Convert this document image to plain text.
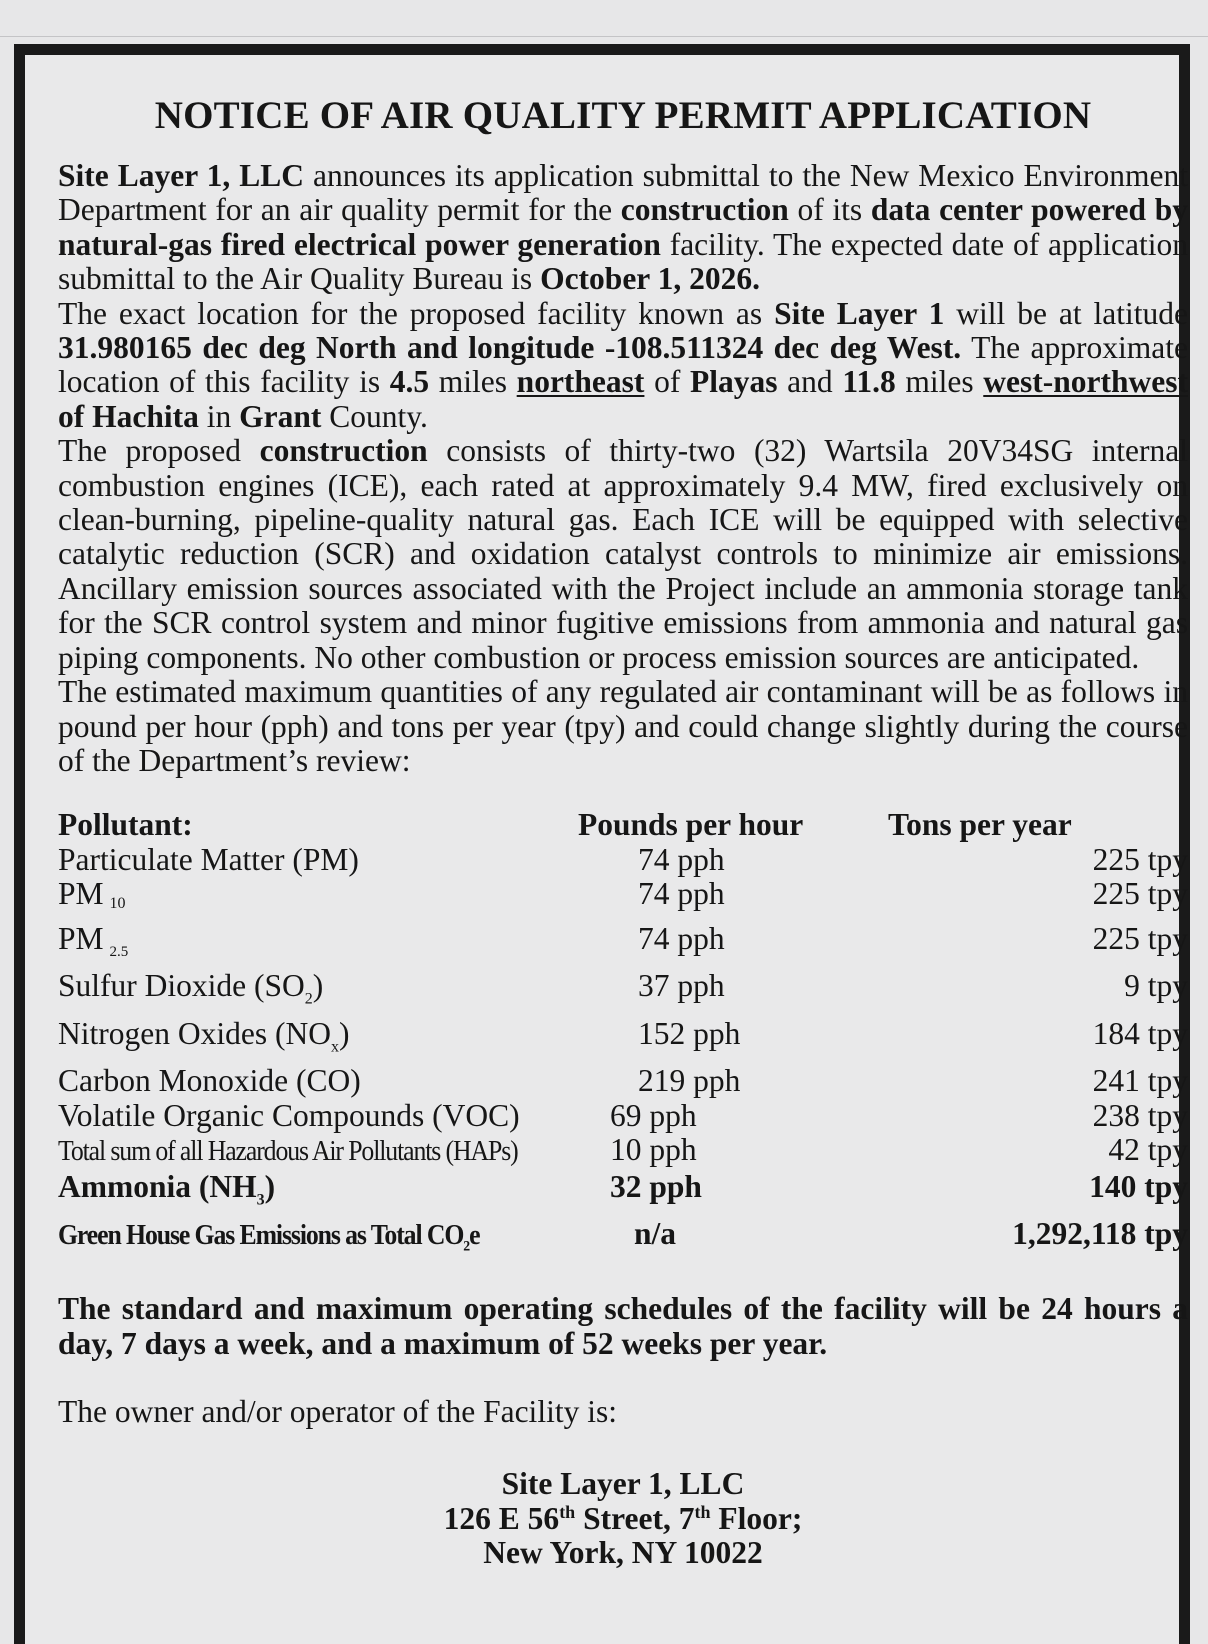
NOTICE OF AIR QUALITY PERMIT APPLICATION

Site Layer 1, LLC announces its application submittal to the New Mexico Environment Department for an air quality permit for the construction of its data center powered by natural-gas fired electrical power generation facility. The expected date of application submittal to the Air Quality Bureau is October 1, 2026.

The exact location for the proposed facility known as Site Layer 1 will be at latitude 31.980165 dec deg North and longitude -108.511324 dec deg West. The approximate location of this facility is 4.5 miles northeast of Playas and 11.8 miles west-northwest of Hachita in Grant County.

The proposed construction consists of thirty-two (32) Wartsila 20V34SG internal combustion engines (ICE), each rated at approximately 9.4 MW, fired exclusively on clean-burning, pipeline-quality natural gas. Each ICE will be equipped with selective catalytic reduction (SCR) and oxidation catalyst controls to minimize air emissions. Ancillary emission sources associated with the Project include an ammonia storage tank for the SCR control system and minor fugitive emissions from ammonia and natural gas piping components. No other combustion or process emission sources are anticipated.

The estimated maximum quantities of any regulated air contaminant will be as follows in pound per hour (pph) and tons per year (tpy) and could change slightly during the course of the Department’s review:

Pollutant:	Pounds per hour	Tons per year
Particulate Matter (PM)	74 pph	225 tpy
PM $_{10}$	74 pph	225 tpy
PM $_{2.5}$	74 pph	225 tpy
Sulfur Dioxide $(SO_2)$	37 pph	9 tpy
Nitrogen Oxides $(NO_x)$	152 pph	184 tpy
Carbon Monoxide (CO)	219 pph	241 tpy
Volatile Organic Compounds (VOC)	69 pph	238 tpy
Total sum of all Hazardous Air Pollutants (HAPs)	10 pph	42 tpy
Ammonia $(NH_3)$	32 pph	140 tpy
Green House Gas Emissions as Total $CO_2e$	n/a	1,292,118 tpy

The standard and maximum operating schedules of the facility will be 24 hours a day, 7 days a week, and a maximum of 52 weeks per year.

The owner and/or operator of the Facility is:

Site Layer 1, LLC
126 E 56th Street, 7th Floor;
New York, NY 10022
